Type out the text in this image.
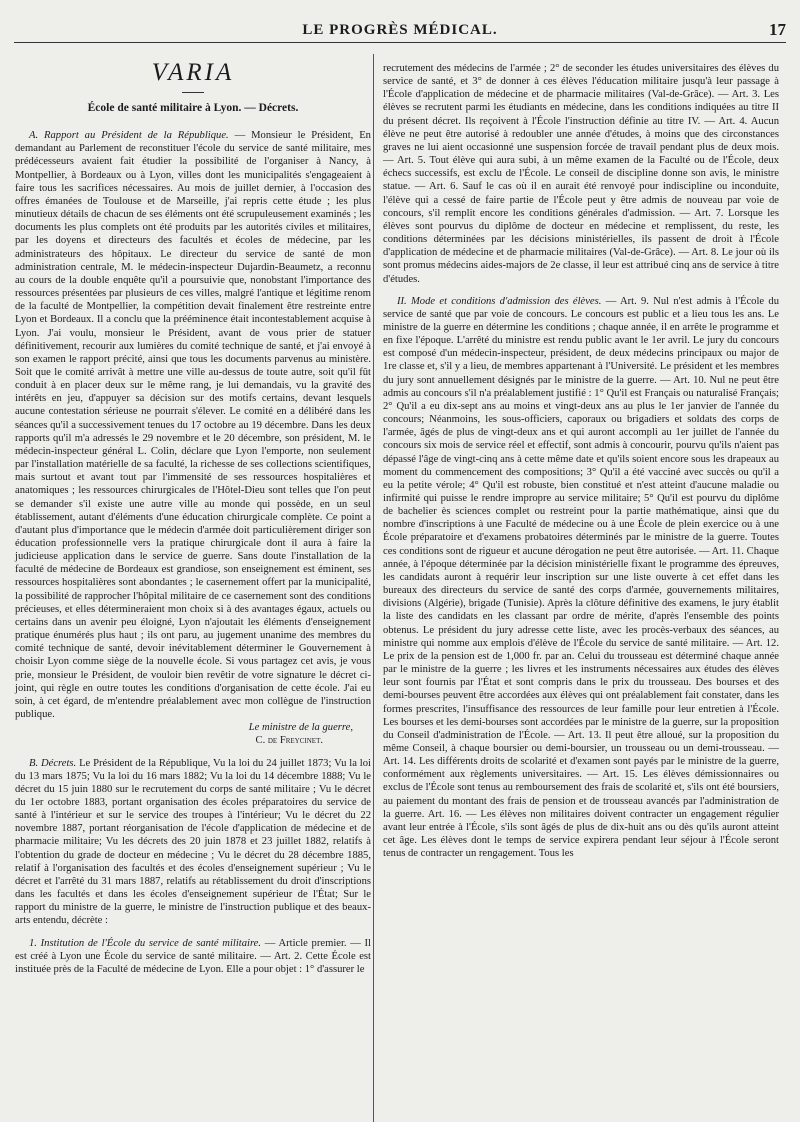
LE PROGRÈS MÉDICAL.	17
VARIA
École de santé militaire à Lyon. — Décrets.

A. Rapport au Président de la République. — Monsieur le Président, En demandant au Parlement de reconstituer l'école du service de santé militaire, mes prédécesseurs avaient fait étudier la possibilité de l'organiser à Nancy, à Montpellier, à Bordeaux ou à Lyon, villes dont les municipalités s'engageaient à faire tous les sacrifices nécessaires. Au mois de juillet dernier, à l'occasion des offres émanées de Toulouse et de Marseille, j'ai repris cette étude ; les plus minutieux détails de chacun de ses éléments ont été scrupuleusement examinés ; les documents les plus complets ont été produits par les autorités civiles et militaires, par les doyens et directeurs des facultés et écoles de médecine, par les administrateurs des hôpitaux. Le directeur du service de santé de mon administration centrale, M. le médecin-inspecteur Dujardin-Beaumetz, a reconnu au cours de la double enquête qu'il a poursuivie que, nonobstant l'importance des ressources présentées par plusieurs de ces villes, malgré l'antique et légitime renom de la faculté de Montpellier, la compétition devait finalement être restreinte entre Lyon et Bordeaux. Il a conclu que la prééminence était incontestablement acquise à Lyon. J'ai voulu, monsieur le Président, avant de vous prier de statuer définitivement, recourir aux lumières du comité technique de santé, et j'ai envoyé à son examen le rapport précité, ainsi que tous les documents parvenus au ministère. Soit que le comité arrivât à mettre une ville au-dessus de toute autre, soit qu'il fût conduit à en placer deux sur le même rang, je lui demandais, vu la gravité des intérêts en jeu, d'appuyer sa décision sur des motifs certains, devant lesquels aucune contestation sérieuse ne pourrait s'élever. Le comité en a délibéré dans les séances qu'il a successivement tenues du 17 octobre au 19 décembre. Dans les deux rapports qu'il m'a adressés le 29 novembre et le 20 décembre, son président, M. le médecin-inspecteur général L. Colin, déclare que Lyon l'emporte, non seulement par l'installation matérielle de sa faculté, la richesse de ses collections scientifiques, mais surtout et avant tout par l'immensité de ses ressources hospitalières et anatomiques ; les ressources chirurgicales de l'Hôtel-Dieu sont telles que l'on peut se demander s'il existe une autre ville au monde qui possède, en un seul établissement, autant d'éléments d'une éducation chirurgicale complète. Ce point a d'autant plus d'importance que le médecin d'armée doit particulièrement diriger son éducation professionnelle vers la pratique chirurgicale dont il aura à faire la judicieuse application dans le service de guerre. Sans doute l'installation de la faculté de médecine de Bordeaux est grandiose, son enseignement est éminent, ses ressources hospitalières sont abondantes ; le casernement offert par la municipalité, la possibilité de rapprocher l'hôpital militaire de ce casernement sont des conditions précieuses, et elles détermineraient mon choix si à des avantages égaux, actuels ou certains dans un avenir peu éloigné, Lyon n'ajoutait les éléments d'enseignement pratique énumérés plus haut ; ils ont paru, au jugement unanime des membres du comité technique de santé, devoir inévitablement déterminer le Gouvernement à choisir Lyon comme siège de la nouvelle école. Si vous partagez cet avis, je vous prie, monsieur le Président, de vouloir bien revêtir de votre signature le décret ci-joint, qui règle en outre toutes les conditions d'organisation de cette école. J'ai eu soin, à cet égard, de m'entendre préalablement avec mon collègue de l'instruction publique.

Le ministre de la guerre,
C. de Freycinet.

B. Décrets. Le Président de la République, Vu la loi du 24 juillet 1873; Vu la loi du 13 mars 1875; Vu la loi du 16 mars 1882; Vu la loi du 14 décembre 1888; Vu le décret du 15 juin 1880 sur le recrutement du corps de santé militaire ; Vu le décret du 1er octobre 1883, portant organisation des écoles préparatoires du service de santé à l'intérieur et sur le service des troupes à l'intérieur; Vu le décret du 22 novembre 1887, portant réorganisation de l'école d'application de médecine et de pharmacie militaire; Vu les décrets des 20 juin 1878 et 23 juillet 1882, relatifs à l'obtention du grade de docteur en médecine ; Vu le décret du 28 décembre 1885, relatif à l'organisation des facultés et des écoles d'enseignement supérieur ; Vu le décret et l'arrêté du 31 mars 1887, relatifs au rétablissement du droit d'inscriptions dans les facultés et dans les écoles d'enseignement supérieur de l'État; Sur le rapport du ministre de la guerre, le ministre de l'instruction publique et des beaux-arts entendu, décrète :

1. Institution de l'École du service de santé militaire. — Article premier. — Il est créé à Lyon une École du service de santé militaire. — Art. 2. Cette École est instituée près de la Faculté de médecine de Lyon. Elle a pour objet : 1° d'assurer le

recrutement des médecins de l'armée ; 2° de seconder les études universitaires des élèves du service de santé, et 3° de donner à ces élèves l'éducation militaire jusqu'à leur passage à l'École d'application de médecine et de pharmacie militaires (Val-de-Grâce). — Art. 3. Les élèves se recrutent parmi les étudiants en médecine, dans les conditions indiquées au titre II du présent décret. Ils reçoivent à l'École l'instruction définie au titre IV. — Art. 4. Aucun élève ne peut être autorisé à redoubler une année d'études, à moins que des circonstances graves ne lui aient occasionné une suspension forcée de travail pendant plus de deux mois. — Art. 5. Tout élève qui aura subi, à un même examen de la Faculté ou de l'École, deux échecs successifs, est exclu de l'École. Le conseil de discipline donne son avis, le ministre statue. — Art. 6. Sauf le cas où il en aurait été renvoyé pour indiscipline ou inconduite, l'élève qui a cessé de faire partie de l'École peut y être admis de nouveau par voie de concours, s'il remplit encore les conditions générales d'admission. — Art. 7. Lorsque les élèves sont pourvus du diplôme de docteur en médecine et remplissent, du reste, les conditions déterminées par les décisions ministérielles, ils passent de droit à l'École d'application de médecine et de pharmacie militaires (Val-de-Grâce). — Art. 8. Le jour où ils sont promus médecins aides-majors de 2e classe, il leur est attribué cinq ans de service à titre d'études.

II. Mode et conditions d'admission des élèves. — Art. 9. Nul n'est admis à l'École du service de santé que par voie de concours. Le concours est public et a lieu tous les ans. Le ministre de la guerre en détermine les conditions ; chaque année, il en arrête le programme et en fixe l'époque. L'arrêté du ministre est rendu public avant le 1er avril. Le jury du concours est composé d'un médecin-inspecteur, président, de deux médecins principaux ou major de 1re classe et, s'il y a lieu, de membres appartenant à l'Université. Le président et les membres du jury sont annuellement désignés par le ministre de la guerre. — Art. 10. Nul ne peut être admis au concours s'il n'a préalablement justifié : 1° Qu'il est Français ou naturalisé Français; 2° Qu'il a eu dix-sept ans au moins et vingt-deux ans au plus le 1er janvier de l'année du concours; Néanmoins, les sous-officiers, caporaux ou brigadiers et soldats des corps de l'armée, âgés de plus de vingt-deux ans et qui auront accompli au 1er juillet de l'année du concours six mois de service réel et effectif, sont admis à concourir, pourvu qu'ils n'aient pas dépassé l'âge de vingt-cinq ans à cette même date et qu'ils soient encore sous les drapeaux au moment du commencement des compositions; 3° Qu'il a été vacciné avec succès ou qu'il a eu la petite vérole; 4° Qu'il est robuste, bien constitué et n'est atteint d'aucune maladie ou infirmité qui puisse le rendre impropre au service militaire; 5° Qu'il est pourvu du diplôme de bachelier ès sciences complet ou restreint pour la partie mathématique, ainsi que du nombre d'inscriptions à une Faculté de médecine ou à une École de plein exercice ou à une École préparatoire et d'examens probatoires déterminés par le ministre de la guerre. Toutes ces conditions sont de rigueur et aucune dérogation ne peut être autorisée. — Art. 11. Chaque année, à l'époque déterminée par la décision ministérielle fixant le programme des épreuves, les candidats auront à requérir leur inscription sur une liste ouverte à cet effet dans les bureaux des directeurs du service de santé des corps d'armée, gouvernements militaires, divisions (Algérie), brigade (Tunisie). Après la clôture définitive des examens, le jury établit la liste des candidats en les classant par ordre de mérite, d'après l'ensemble des points obtenus. Le président du jury adresse cette liste, avec les procès-verbaux des séances, au ministre qui nomme aux emplois d'élève de l'École du service de santé militaire. — Art. 12. Le prix de la pension est de 1,000 fr. par an. Celui du trousseau est déterminé chaque année par le ministre de la guerre ; les livres et les instruments nécessaires aux études des élèves leur sont fournis par l'État et sont compris dans le prix du trousseau. Des bourses et des demi-bourses peuvent être accordées aux élèves qui ont préalablement fait constater, dans les formes prescrites, l'insuffisance des ressources de leur famille pour leur entretien à l'École. Les bourses et les demi-bourses sont accordées par le ministre de la guerre, sur la proposition du Conseil d'administration de l'École. — Art. 13. Il peut être alloué, sur la proposition du même Conseil, à chaque boursier ou demi-boursier, un trousseau ou un demi-trousseau. — Art. 14. Les différents droits de scolarité et d'examen sont payés par le ministre de la guerre, conformément aux règlements universitaires. — Art. 15. Les élèves démissionnaires ou exclus de l'École sont tenus au remboursement des frais de scolarité et, s'ils ont été boursiers, au paiement du montant des frais de pension et de trousseau avancés par l'administration de la guerre. Art. 16. — Les élèves non militaires doivent contracter un engagement régulier avant leur entrée à l'École, s'ils sont âgés de plus de dix-huit ans ou dès qu'ils auront atteint cet âge. Les élèves dont le temps de service expirera pendant leur séjour à l'École seront tenus de contracter un rengagement. Tous les
